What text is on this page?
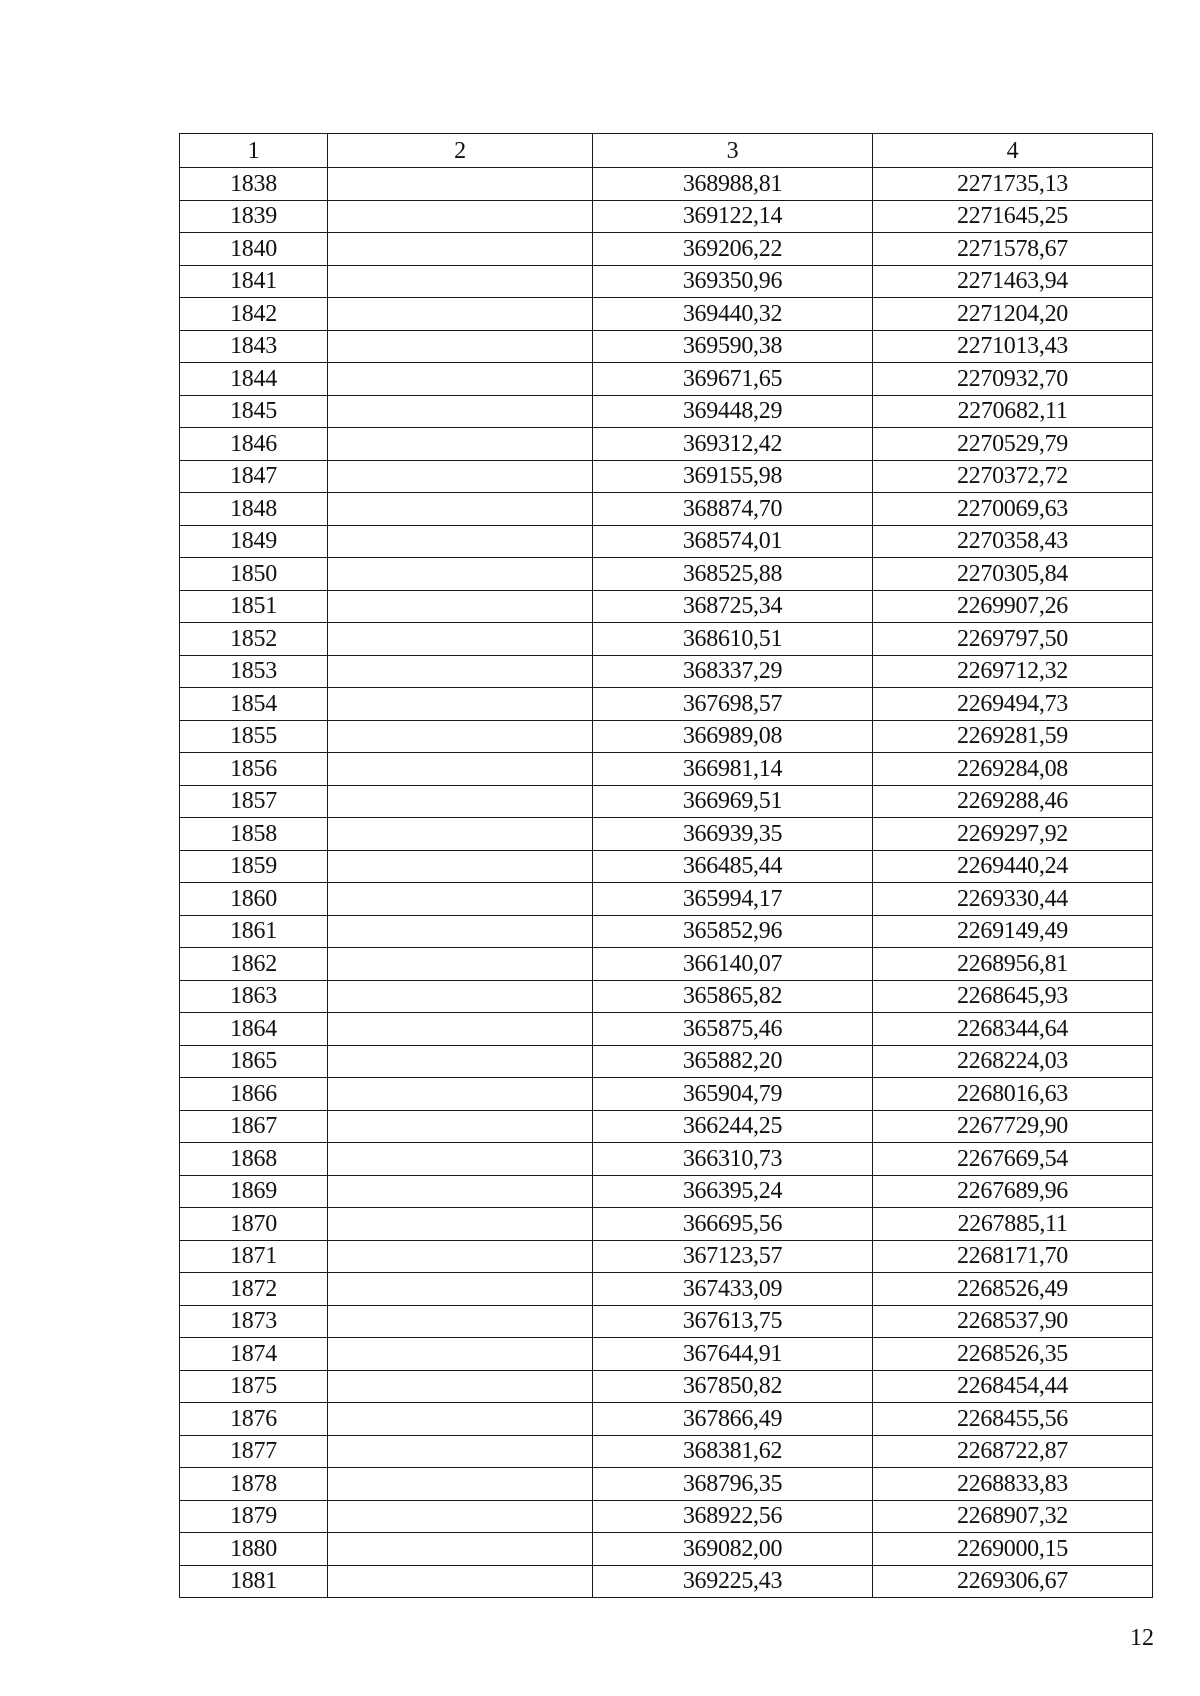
1	2	3	4
1838		368988,81	2271735,13
1839		369122,14	2271645,25
1840		369206,22	2271578,67
1841		369350,96	2271463,94
1842		369440,32	2271204,20
1843		369590,38	2271013,43
1844		369671,65	2270932,70
1845		369448,29	2270682,11
1846		369312,42	2270529,79
1847		369155,98	2270372,72
1848		368874,70	2270069,63
1849		368574,01	2270358,43
1850		368525,88	2270305,84
1851		368725,34	2269907,26
1852		368610,51	2269797,50
1853		368337,29	2269712,32
1854		367698,57	2269494,73
1855		366989,08	2269281,59
1856		366981,14	2269284,08
1857		366969,51	2269288,46
1858		366939,35	2269297,92
1859		366485,44	2269440,24
1860		365994,17	2269330,44
1861		365852,96	2269149,49
1862		366140,07	2268956,81
1863		365865,82	2268645,93
1864		365875,46	2268344,64
1865		365882,20	2268224,03
1866		365904,79	2268016,63
1867		366244,25	2267729,90
1868		366310,73	2267669,54
1869		366395,24	2267689,96
1870		366695,56	2267885,11
1871		367123,57	2268171,70
1872		367433,09	2268526,49
1873		367613,75	2268537,90
1874		367644,91	2268526,35
1875		367850,82	2268454,44
1876		367866,49	2268455,56
1877		368381,62	2268722,87
1878		368796,35	2268833,83
1879		368922,56	2268907,32
1880		369082,00	2269000,15
1881		369225,43	2269306,67
12
